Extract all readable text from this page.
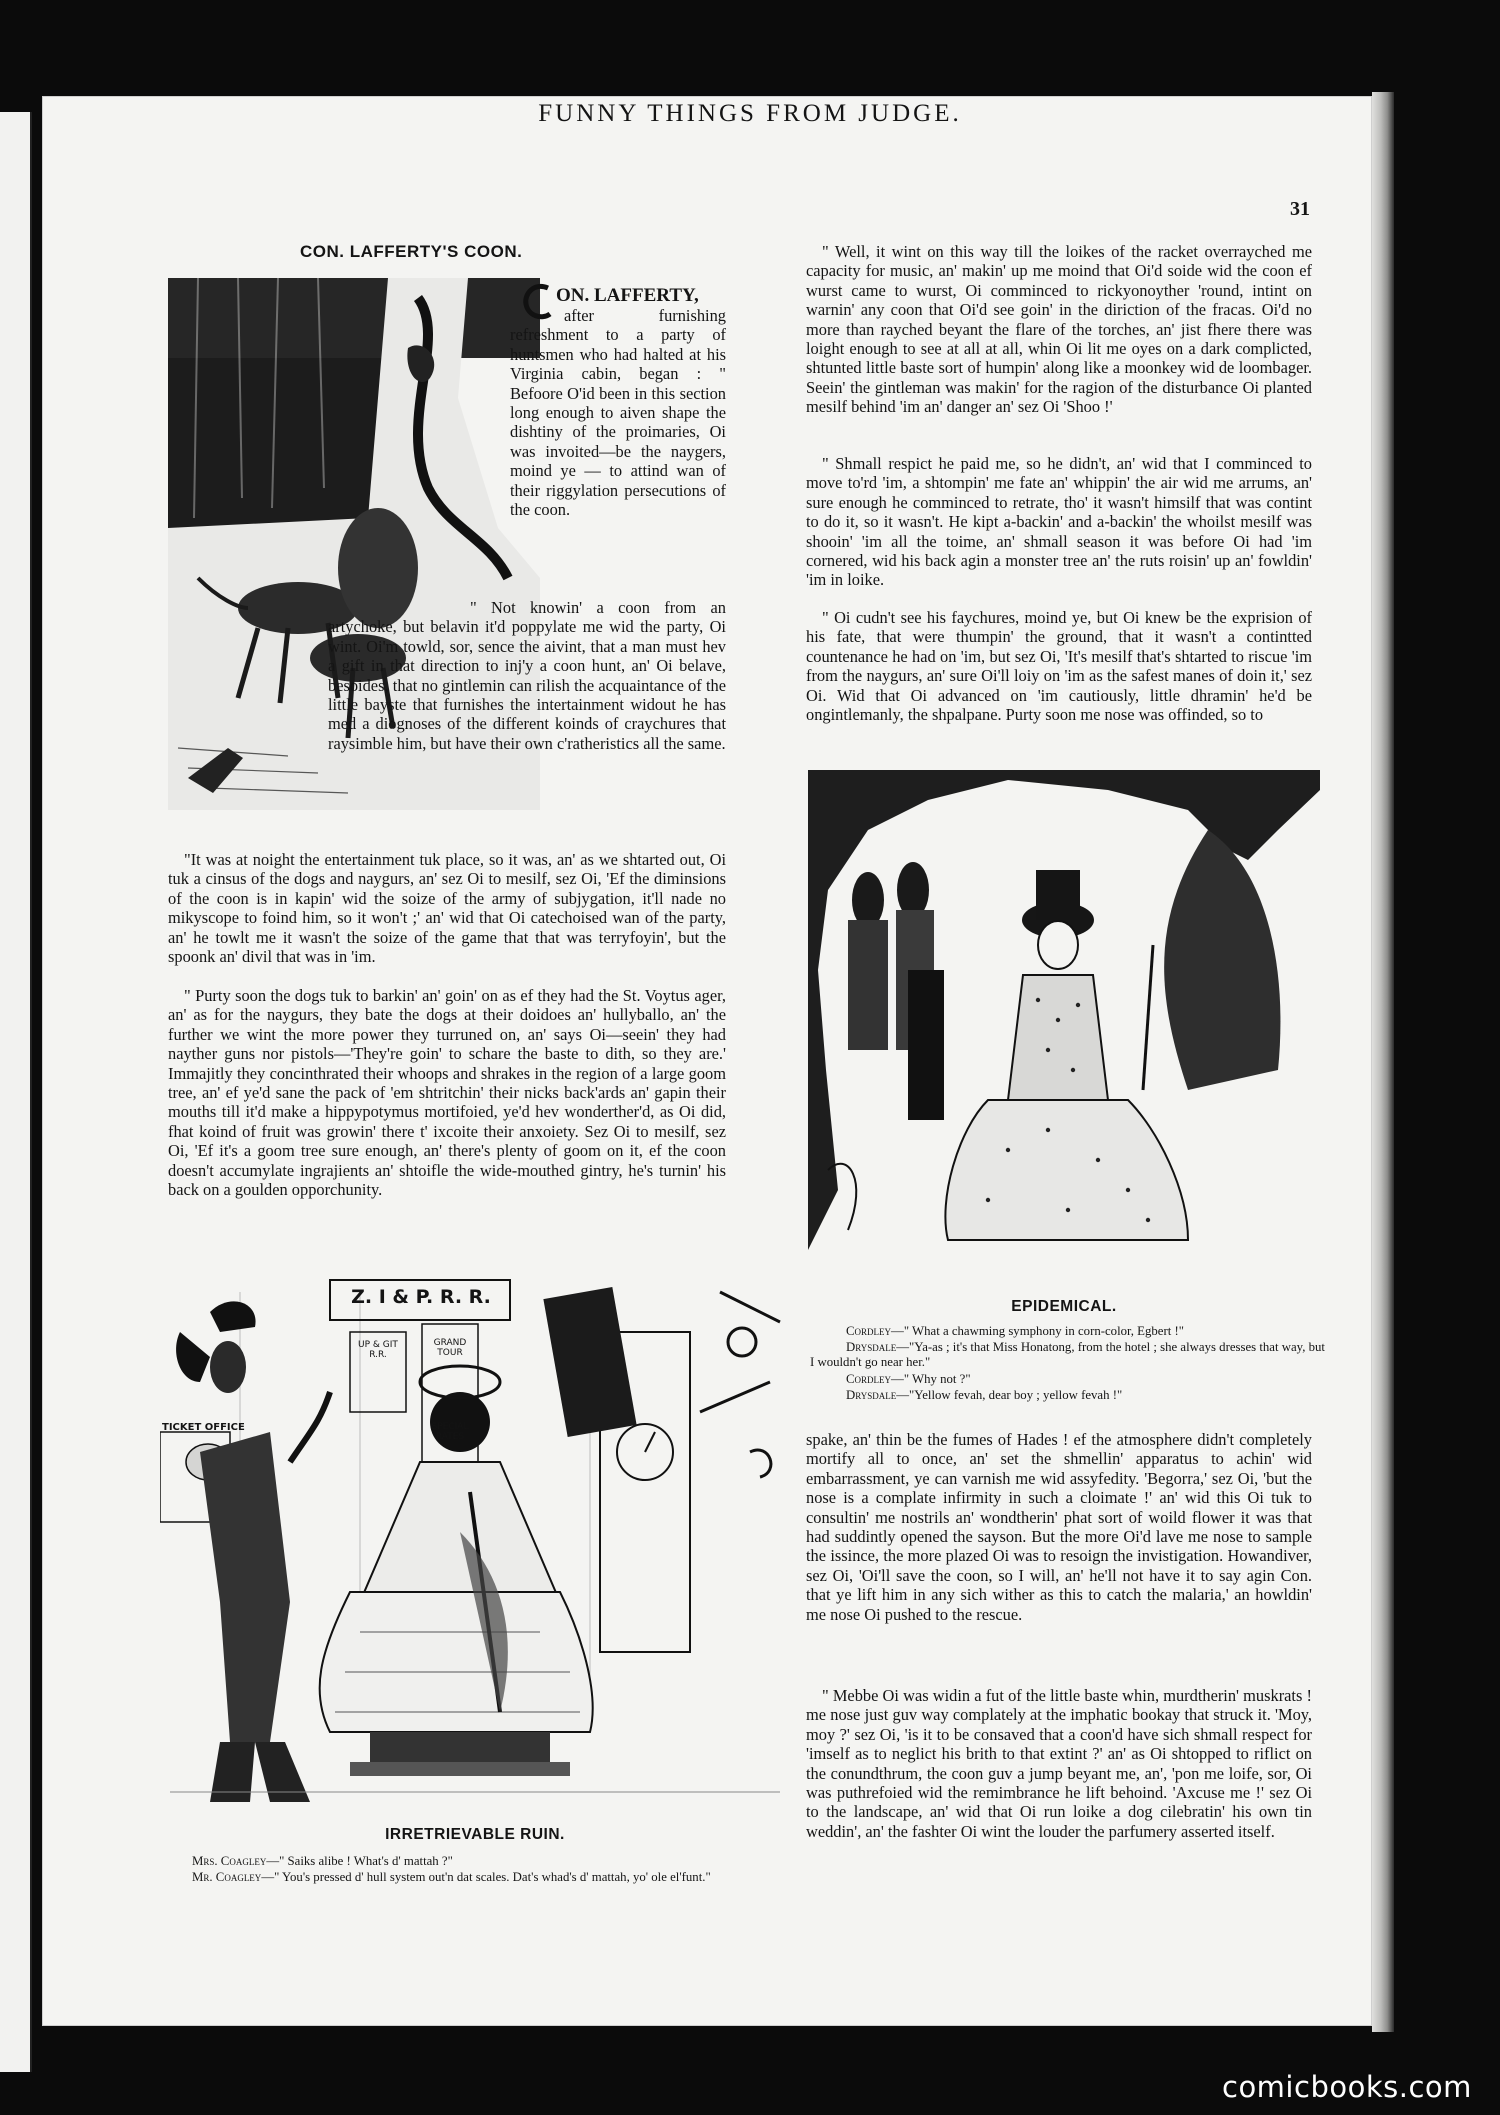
FUNNY THINGS FROM JUDGE.
31
CON. LAFFERTY'S COON.

ON. LAFFERTY,

after furnishing refreshment to a party of huntsmen who had halted at his Virginia cabin, began : " Befoore O'id been in this section long enough to aiven shape the dishtiny of the proimaries, Oi was invoited—be the naygers, moind ye — to attind wan of their riggylation persecutions of the coon.

" Not knowin' a coon from an artychoke, but belavin it'd poppylate me wid the party, Oi wint. Oi'm towld, sor, sence the aivint, that a man must hev a gift in that direction to inj'y a coon hunt, an' Oi belave, besoides, that no gintlemin can rilish the acquaintance of the little bayste that furnishes the intertainment widout he has med a diognoses of the different koinds of craychures that raysimble him, but have their own c'ratheristics all the same.

"It was at noight the entertainment tuk place, so it was, an' as we shtarted out, Oi tuk a cinsus of the dogs and naygurs, an' sez Oi to mesilf, sez Oi, 'Ef the diminsions of the coon is in kapin' wid the soize of the army of subjygation, it'll nade no mikyscope to foind him, so it won't ;' an' wid that Oi catechoised wan of the party, an' he towlt me it wasn't the soize of the game that that was terryfoyin', but the spoonk an' divil that was in 'im.

" Purty soon the dogs tuk to barkin' an' goin' on as ef they had the St. Voytus ager, an' as for the naygurs, they bate the dogs at their doidoes an' hullyballo, an' the further we wint the more power they turruned on, an' says Oi—seein' they had nayther guns nor pistols—'They're goin' to schare the baste to dith, so they are.' Immajitly they concinthrated their whoops and shrakes in the region of a large goom tree, an' ef ye'd sane the pack of 'em shtritchin' their nicks back'ards an' gapin their mouths till it'd make a hippypotymus mortifoied, ye'd hev wonderther'd, as Oi did, fhat koind of fruit was growin' there t' ixcoite their anxoiety. Sez Oi to mesilf, sez Oi, 'Ef it's a goom tree sure enough, an' there's plenty of goom on it, ef the coon doesn't accumylate ingrajients an' shtoifle the wide-mouthed gintry, he's turnin' his back on a goulden opporchunity.

" Well, it wint on this way till the loikes of the racket overrayched me capacity for music, an' makin' up me moind that Oi'd soide wid the coon ef wurst came to wurst, Oi comminced to rickyonoyther 'round, intint on warnin' any coon that Oi'd see goin' in the diriction of the fracas. Oi'd no more than rayched beyant the flare of the torches, an' jist fhere there was loight enough to see at all at all, whin Oi lit me oyes on a dark complicted, shtunted little baste sort of humpin' along like a moonkey wid de loombager. Seein' the gintleman was makin' for the ragion of the disturbance Oi planted mesilf behind 'im an' danger an' sez Oi 'Shoo !'

" Shmall respict he paid me, so he didn't, an' wid that I comminced to move to'rd 'im, a shtompin' me fate an' whippin' the air wid me arrums, an' sure enough he comminced to retrate, tho' it wasn't himsilf that was contint to do it, so it wasn't. He kipt a-backin' and a-backin' the whoilst mesilf was shooin' 'im all the toime, an' shmall season it was before Oi had 'im cornered, wid his back agin a monster tree an' the ruts roisin' up an' fowldin' 'im in loike.

" Oi cudn't see his faychures, moind ye, but Oi knew be the exprision of his fate, that were thumpin' the ground, that it wasn't a contintted countenance he had on 'im, but sez Oi, 'It's mesilf that's shtarted to riscue 'im from the naygurs, an' sure Oi'll loiy on 'im as the safest manes of doin it,' sez Oi. Wid that Oi advanced on 'im cautiously, little dhramin' he'd be ongintlemanly, the shpalpane. Purty soon me nose was offinded, so to

EPIDEMICAL.

Cordley—" What a chawming symphony in corn-color, Egbert !"

Drysdale—"Ya-as ; it's that Miss Honatong, from the hotel ; she always dresses that way, but I wouldn't go near her."

Cordley—" Why not ?"

Drysdale—"Yellow fevah, dear boy ; yellow fevah !"

spake, an' thin be the fumes of Hades ! ef the atmosphere didn't completely mortify all to once, an' set the shmellin' apparatus to achin' wid embarrassment, ye can varnish me wid assyfedity. 'Begorra,' sez Oi, 'but the nose is a complate infirmity in such a cloimate !' an' wid this Oi tuk to consultin' me nostrils an' wondtherin' phat sort of woild flower it was that had suddintly opened the sayson. But the more Oi'd lave me nose to sample the issince, the more plazed Oi was to resoign the invistigation. Howandiver, sez Oi, 'Oi'll save the coon, so I will, an' he'll not have it to say agin Con. that ye lift him in any sich wither as this to catch the malaria,' an howldin' me nose Oi pushed to the rescue.

" Mebbe Oi was widin a fut of the little baste whin, murdtherin' muskrats ! me nose just guv way complately at the imphatic bookay that struck it. 'Moy, moy ?' sez Oi, 'is it to be consaved that a coon'd have sich shmall respect for 'imself as to neglict his brith to that extint ?' an' as Oi shtopped to riflict on the conundthrum, the coon guv a jump beyant me, an', 'pon me loife, sor, Oi was puthrefoied wid the remimbrance he lift behoind. 'Axcuse me !' sez Oi to the landscape, an' wid that Oi run loike a dog cilebratin' his own tin weddin', an' the fashter Oi wint the louder the parfumery asserted itself.

Z. I & P. R. R.
TICKET OFFICE
UP & GIT R.R.
GRAND TOUR
SPECIAL RATES
IRRETRIEVABLE RUIN.

Mrs. Coagley—" Saiks alibe ! What's d' mattah ?"

Mr. Coagley—" You's pressed d' hull system out'n dat scales. Dat's whad's d' mattah, yo' ole el'funt."

comicbooks.com
